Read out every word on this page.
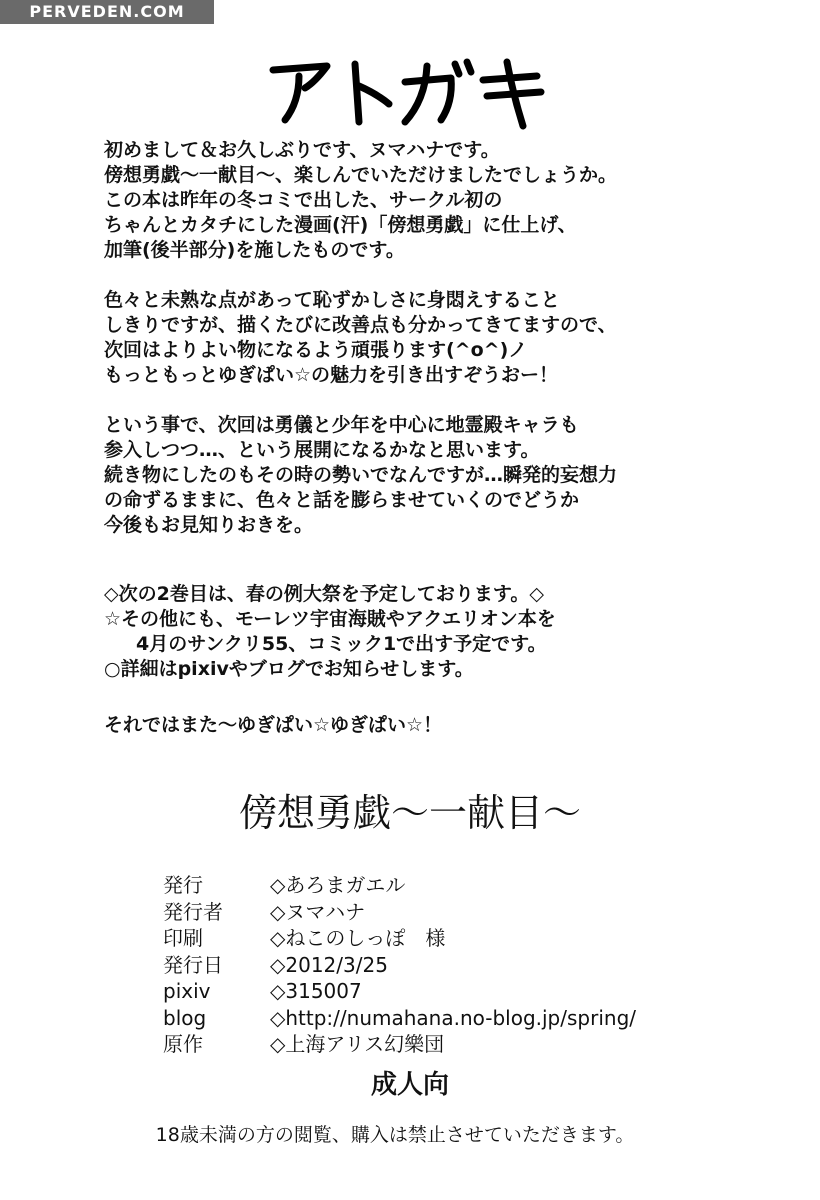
PERVEDEN.COM
初めまして＆お久しぶりです、ヌマハナです。
傍想勇戯～一献目～、楽しんでいただけましたでしょうか。
この本は昨年の冬コミで出した、サークル初の
ちゃんとカタチにした漫画(汗)「傍想勇戯」に仕上げ、
加筆(後半部分)を施したものです。
色々と未熟な点があって恥ずかしさに身悶えすること
しきりですが、描くたびに改善点も分かってきてますので、
次回はよりよい物になるよう頑張ります(^o^)ノ
もっともっとゆぎぱい☆の魅力を引き出すぞうおー！
という事で、次回は勇儀と少年を中心に地霊殿キャラも
参入しつつ…、という展開になるかなと思います。
続き物にしたのもその時の勢いでなんですが…瞬発的妄想力
の命ずるままに、色々と話を膨らませていくのでどうか
今後もお見知りおきを。
◇次の2巻目は、春の例大祭を予定しております。◇
☆その他にも、モーレツ宇宙海賊やアクエリオン本を
4月のサンクリ55、コミック1で出す予定です。
○詳細はpixivやブログでお知らせします。
それではまた～ゆぎぱい☆ゆぎぱい☆！
傍想勇戯～一献目～
発行	◇あろまガエル
発行者	◇ヌマハナ
印刷	◇ねこのしっぽ　様
発行日	◇2012/3/25
pixiv	◇315007
blog	◇http://numahana.no-blog.jp/spring/
原作	◇上海アリス幻樂団
成人向
18歳未満の方の閲覧、購入は禁止させていただきます。
